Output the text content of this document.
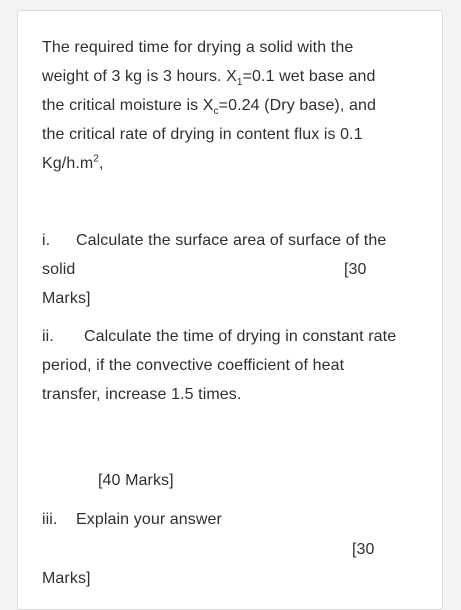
The required time for drying a solid with the
weight of 3 kg is 3 hours. $X_1=0.1$ wet base and
the critical moisture is $X_c=0.24$ (Dry base), and
the critical rate of drying in content flux is 0.1
$Kg/h.m^2$,
i. Calculate the surface area of surface of the
solid	[30
Marks]
ii. Calculate the time of drying in constant rate
period, if the convective coefficient of heat
transfer, increase 1.5 times.
[40 Marks]
iii. Explain your answer
[30
Marks]
